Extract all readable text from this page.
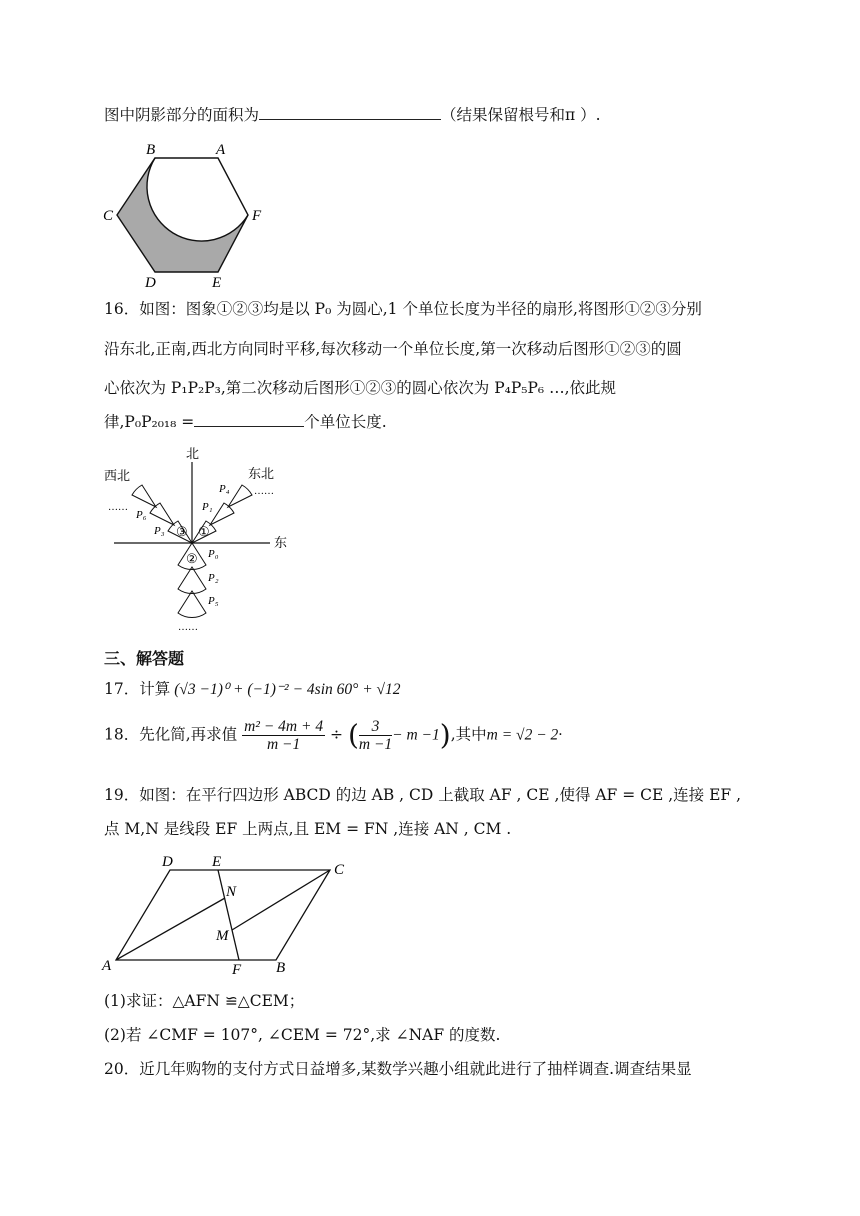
图中阴影部分的面积为	（结果保留根号和π ）.
B	A
C	F
D	E
16．如图：图象①②③均是以 P₀ 为圆心,1 个单位长度为半径的扇形,将图形①②③分别
沿东北,正南,西北方向同时平移,每次移动一个单位长度,第一次移动后图形①②③的圆
心依次为 P₁P₂P₃,第二次移动后图形①②③的圆心依次为 P₄P₅P₆ …,依此规
律,P₀P₂₀₁₈ =	个单位长度.
北
东
西北	东北
……
……
……
①
③
②
P₁
P₄
P₃
P₆
P₀
P₂
P₅
三、解答题
17．计算 (√3 −1)⁰ + (−1)⁻² − 4sin 60° + √12
18．先化简,再求值 $\frac{\text{m² − 4m + 4}}{m -1}$ ÷ ( $\frac{3}{m -1} - m -1$),其中m = √2 − 2·
19．如图：在平行四边形 ABCD 的边 AB , CD 上截取 AF , CE ,使得 AF = CE ,连接 EF ,
点 M,N 是线段 EF 上两点,且 EM = FN ,连接 AN , CM .
A	B
C
D	E
F
N
M
(1)求证：△AFN ≌△CEM；
(2)若 ∠CMF = 107°, ∠CEM = 72°,求 ∠NAF 的度数.
20．近几年购物的支付方式日益增多,某数学兴趣小组就此进行了抽样调查.调查结果显
